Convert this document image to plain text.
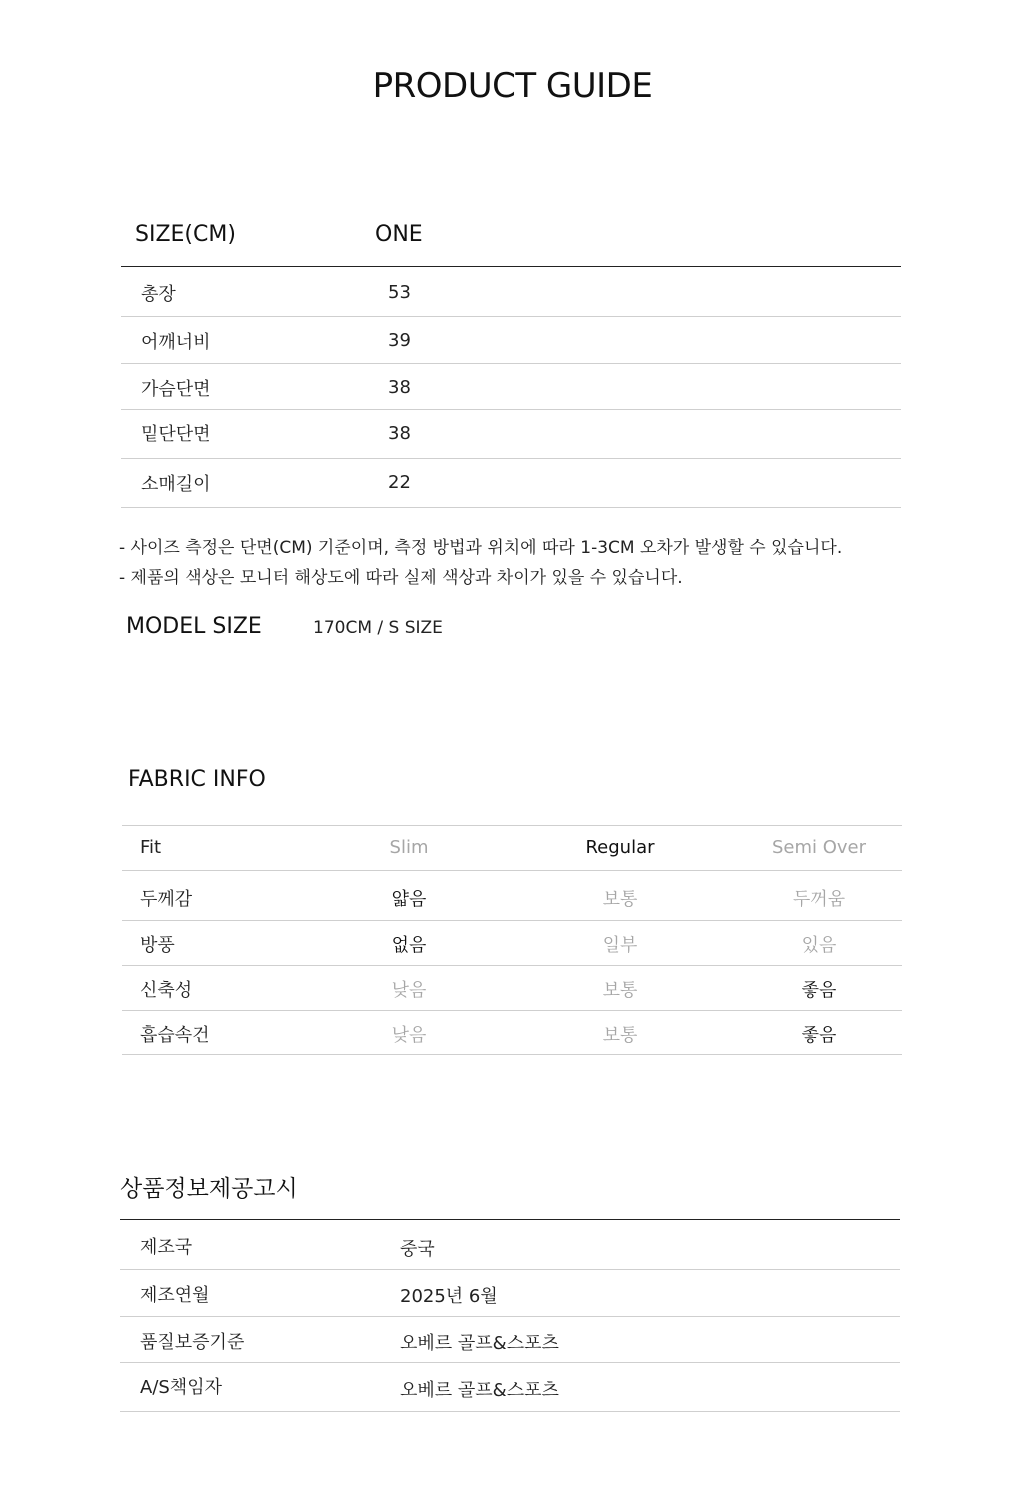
PRODUCT GUIDE
SIZE(CM)	ONE
총장	53
어깨너비	39
가슴단면	38
밑단단면	38
소매길이	22
- 사이즈 측정은 단면(CM) 기준이며, 측정 방법과 위치에 따라 1-3CM 오차가 발생할 수 있습니다.
- 제품의 색상은 모니터 해상도에 따라 실제 색상과 차이가 있을 수 있습니다.
MODEL SIZE	170CM / S SIZE
FABRIC INFO
Fit	Slim	Regular	Semi Over
두께감	얇음	보통	두꺼움
방풍	없음	일부	있음
신축성	낮음	보통	좋음
흡습속건	낮음	보통	좋음
상품정보제공고시
제조국	중국
제조연월	2025년 6월
품질보증기준	오베르 골프&스포츠
A/S책임자	오베르 골프&스포츠
